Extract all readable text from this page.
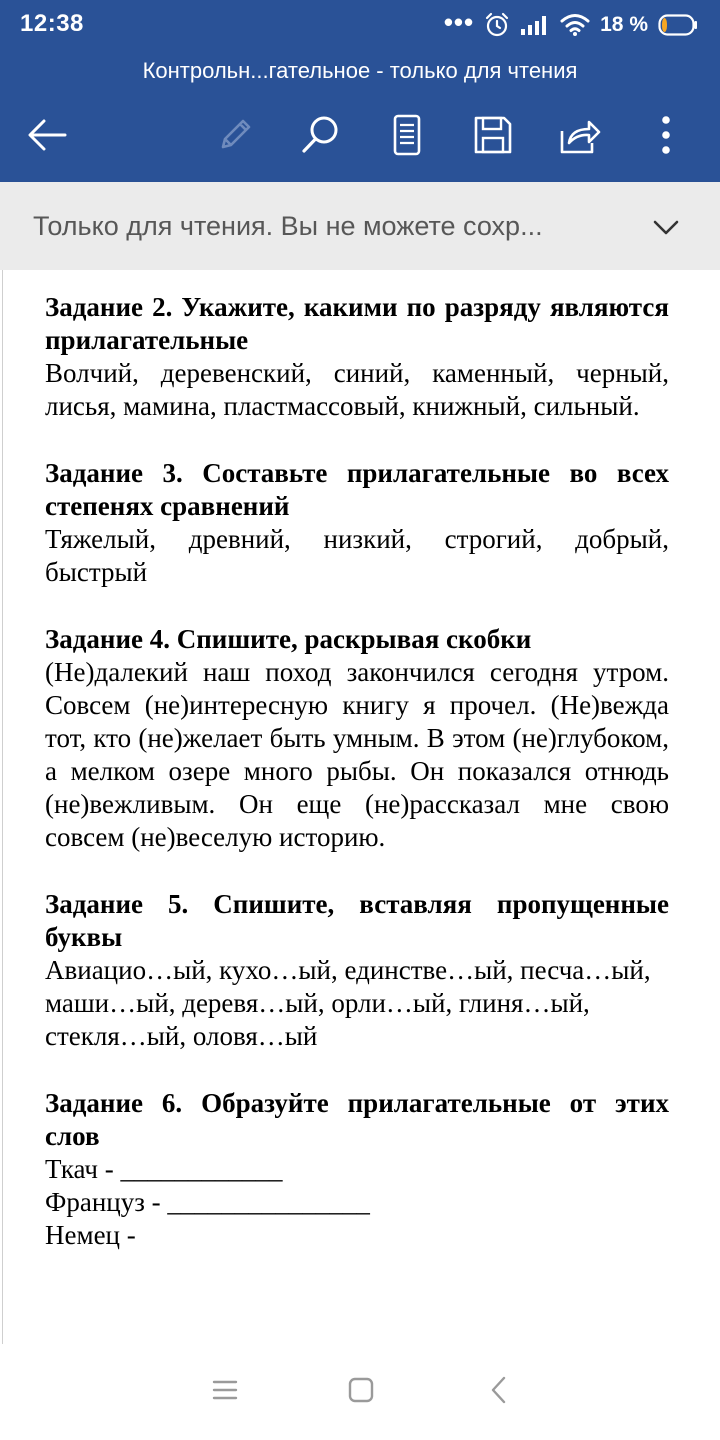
12:38	•••	18 %
Контрольн...гательное - только для чтения
Только для чтения. Вы не можете сохр...
Задание 2. Укажите, какими по разряду являются прилагательные
Волчий, деревенский, синий, каменный, черный, лисья, мамина, пластмассовый, книжный, сильный.
Задание 3. Составьте прилагательные во всех степенях сравнений
Тяжелый, древний, низкий, строгий, добрый, быстрый
Задание 4. Спишите, раскрывая скобки
(Не)далекий наш поход закончился сегодня утром. Совсем (не)интересную книгу я прочел. (Не)вежда тот, кто (не)желает быть умным. В этом (не)глубоком, а мелком озере много рыбы. Он показался отнюдь (не)вежливым. Он еще (не)рассказал мне свою совсем (не)веселую историю.
Задание 5. Спишите, вставляя пропущенные буквы
Авиацио…ый, кухо…ый, единстве…ый, песча…ый,
маши…ый, деревя…ый, орли…ый, глиня…ый, стекля…ый, оловя…ый
Задание 6. Образуйте прилагательные от этих слов
Ткач - ____________
Француз - _______________
Немец -
